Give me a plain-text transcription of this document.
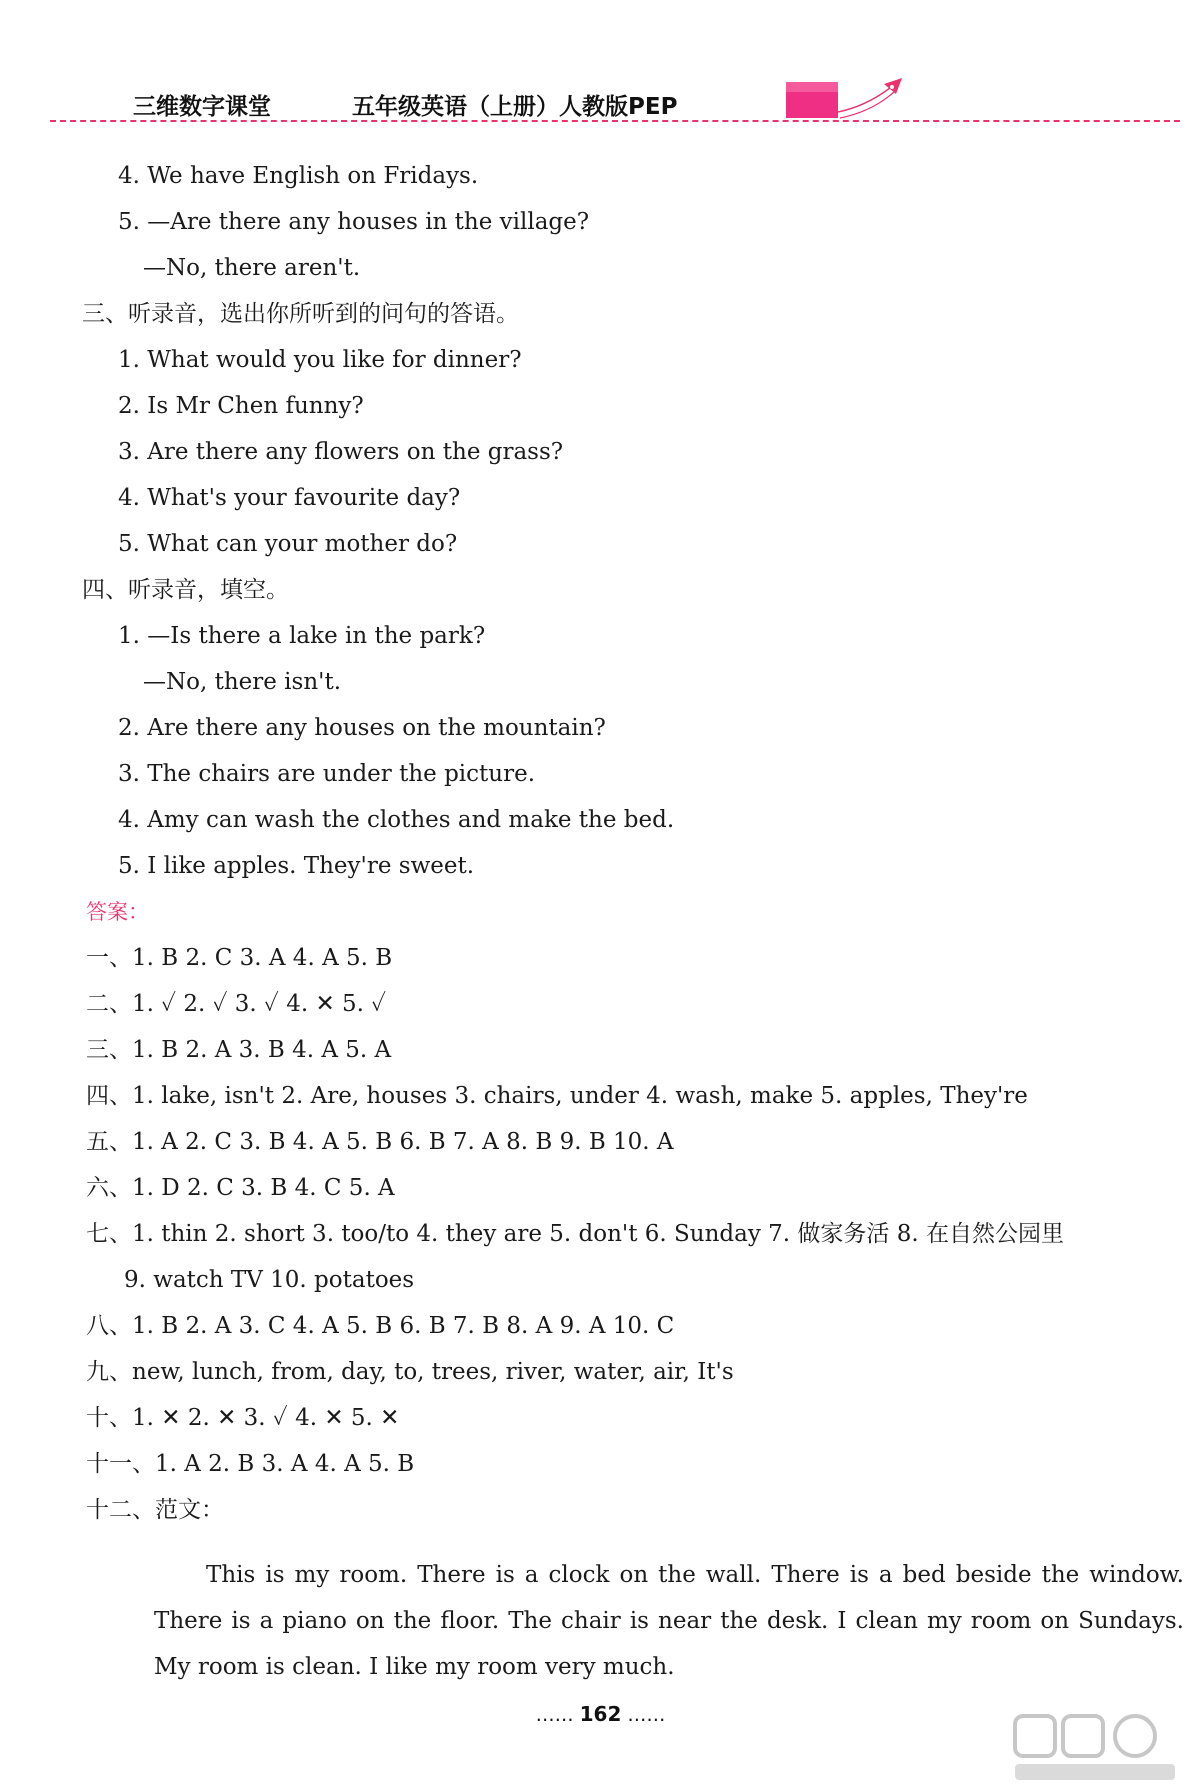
三维数字课堂	五年级英语（上册）人教版PEP
4. We have English on Fridays.
5. —Are there any houses in the village?
—No, there aren't.
三、听录音，选出你所听到的问句的答语。
1. What would you like for dinner?
2. Is Mr Chen funny?
3. Are there any flowers on the grass?
4. What's your favourite day?
5. What can your mother do?
四、听录音，填空。
1. —Is there a lake in the park?
—No, there isn't.
2. Are there any houses on the mountain?
3. The chairs are under the picture.
4. Amy can wash the clothes and make the bed.
5. I like apples. They're sweet.
答案：
一、1. B 2. C 3. A 4. A 5. B
二、1. ✓ 2. ✓ 3. ✓ 4. ✕ 5. ✓
三、1. B 2. A 3. B 4. A 5. A
四、1. lake, isn't 2. Are, houses 3. chairs, under 4. wash, make 5. apples, They're
五、1. A 2. C 3. B 4. A 5. B 6. B 7. A 8. B 9. B 10. A
六、1. D 2. C 3. B 4. C 5. A
七、1. thin 2. short 3. too/to 4. they are 5. don't 6. Sunday 7. 做家务活 8. 在自然公园里
9. watch TV 10. potatoes
八、1. B 2. A 3. C 4. A 5. B 6. B 7. B 8. A 9. A 10. C
九、new, lunch, from, day, to, trees, river, water, air, It's
十、1. ✕ 2. ✕ 3. ✓ 4. ✕ 5. ✕
十一、1. A 2. B 3. A 4. A 5. B
十二、范文：
This is my room. There is a clock on the wall. There is a bed beside the window. There is a piano on the floor. The chair is near the desk. I clean my room on Sundays. My room is clean. I like my room very much.
…… 162 ……
